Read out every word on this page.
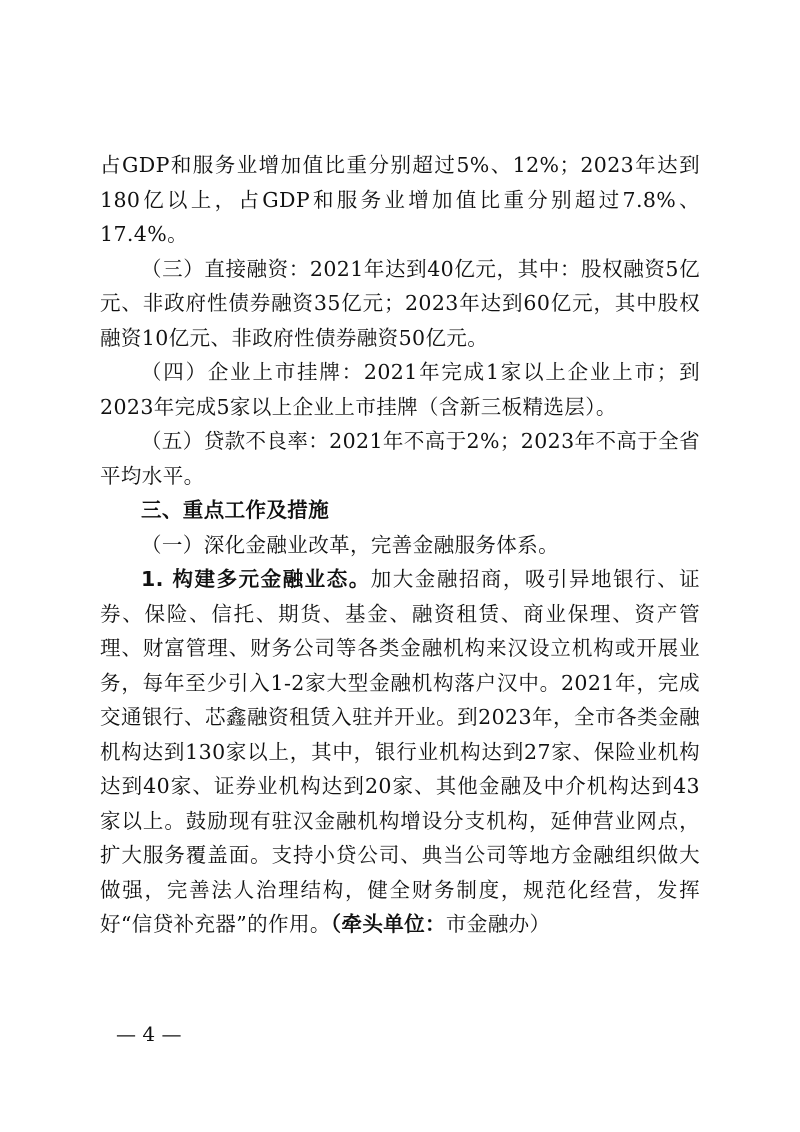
占GDP和服务业增加值比重分别超过5%、12%；2023年达到180亿以上，占GDP和服务业增加值比重分别超过7.8%、17.4%。

（三）直接融资：2021年达到40亿元，其中：股权融资5亿元、非政府性债券融资35亿元；2023年达到60亿元，其中股权融资10亿元、非政府性债券融资50亿元。

（四）企业上市挂牌：2021年完成1家以上企业上市；到2023年完成5家以上企业上市挂牌（含新三板精选层）。

（五）贷款不良率：2021年不高于2%；2023年不高于全省平均水平。

三、重点工作及措施

（一）深化金融业改革，完善金融服务体系。

1. 构建多元金融业态。加大金融招商，吸引异地银行、证券、保险、信托、期货、基金、融资租赁、商业保理、资产管理、财富管理、财务公司等各类金融机构来汉设立机构或开展业务，每年至少引入1-2家大型金融机构落户汉中。2021年，完成交通银行、芯鑫融资租赁入驻并开业。到2023年，全市各类金融机构达到130家以上，其中，银行业机构达到27家、保险业机构达到40家、证券业机构达到20家、其他金融及中介机构达到43家以上。鼓励现有驻汉金融机构增设分支机构，延伸营业网点，扩大服务覆盖面。支持小贷公司、典当公司等地方金融组织做大做强，完善法人治理结构，健全财务制度，规范化经营，发挥好“信贷补充器”的作用。（牵头单位：市金融办）

— 4 —
